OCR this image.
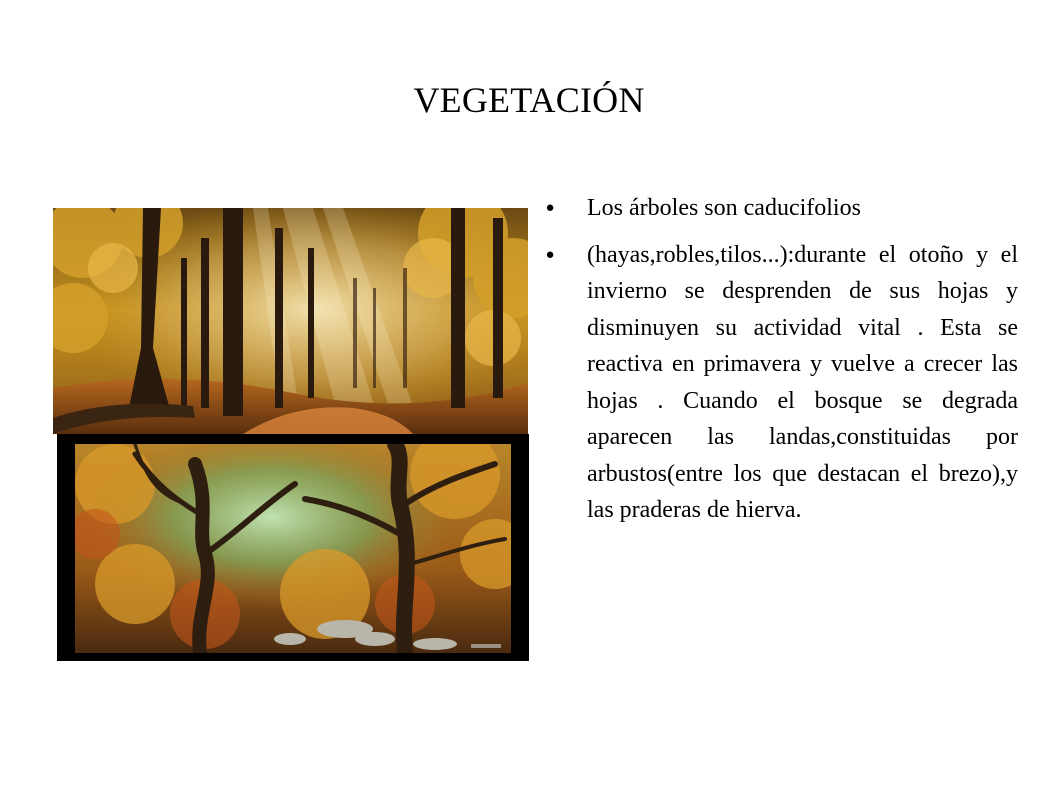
VEGETACIÓN
●	Los árboles son caducifolios
●	(hayas,robles,tilos...):durante el otoño y el invierno se desprenden de sus hojas y disminuyen su actividad vital . Esta se reactiva en primavera y vuelve a crecer las hojas . Cuando el bosque se degrada aparecen las landas,constituidas por arbustos(entre los que destacan el brezo),y las praderas de hierva.
